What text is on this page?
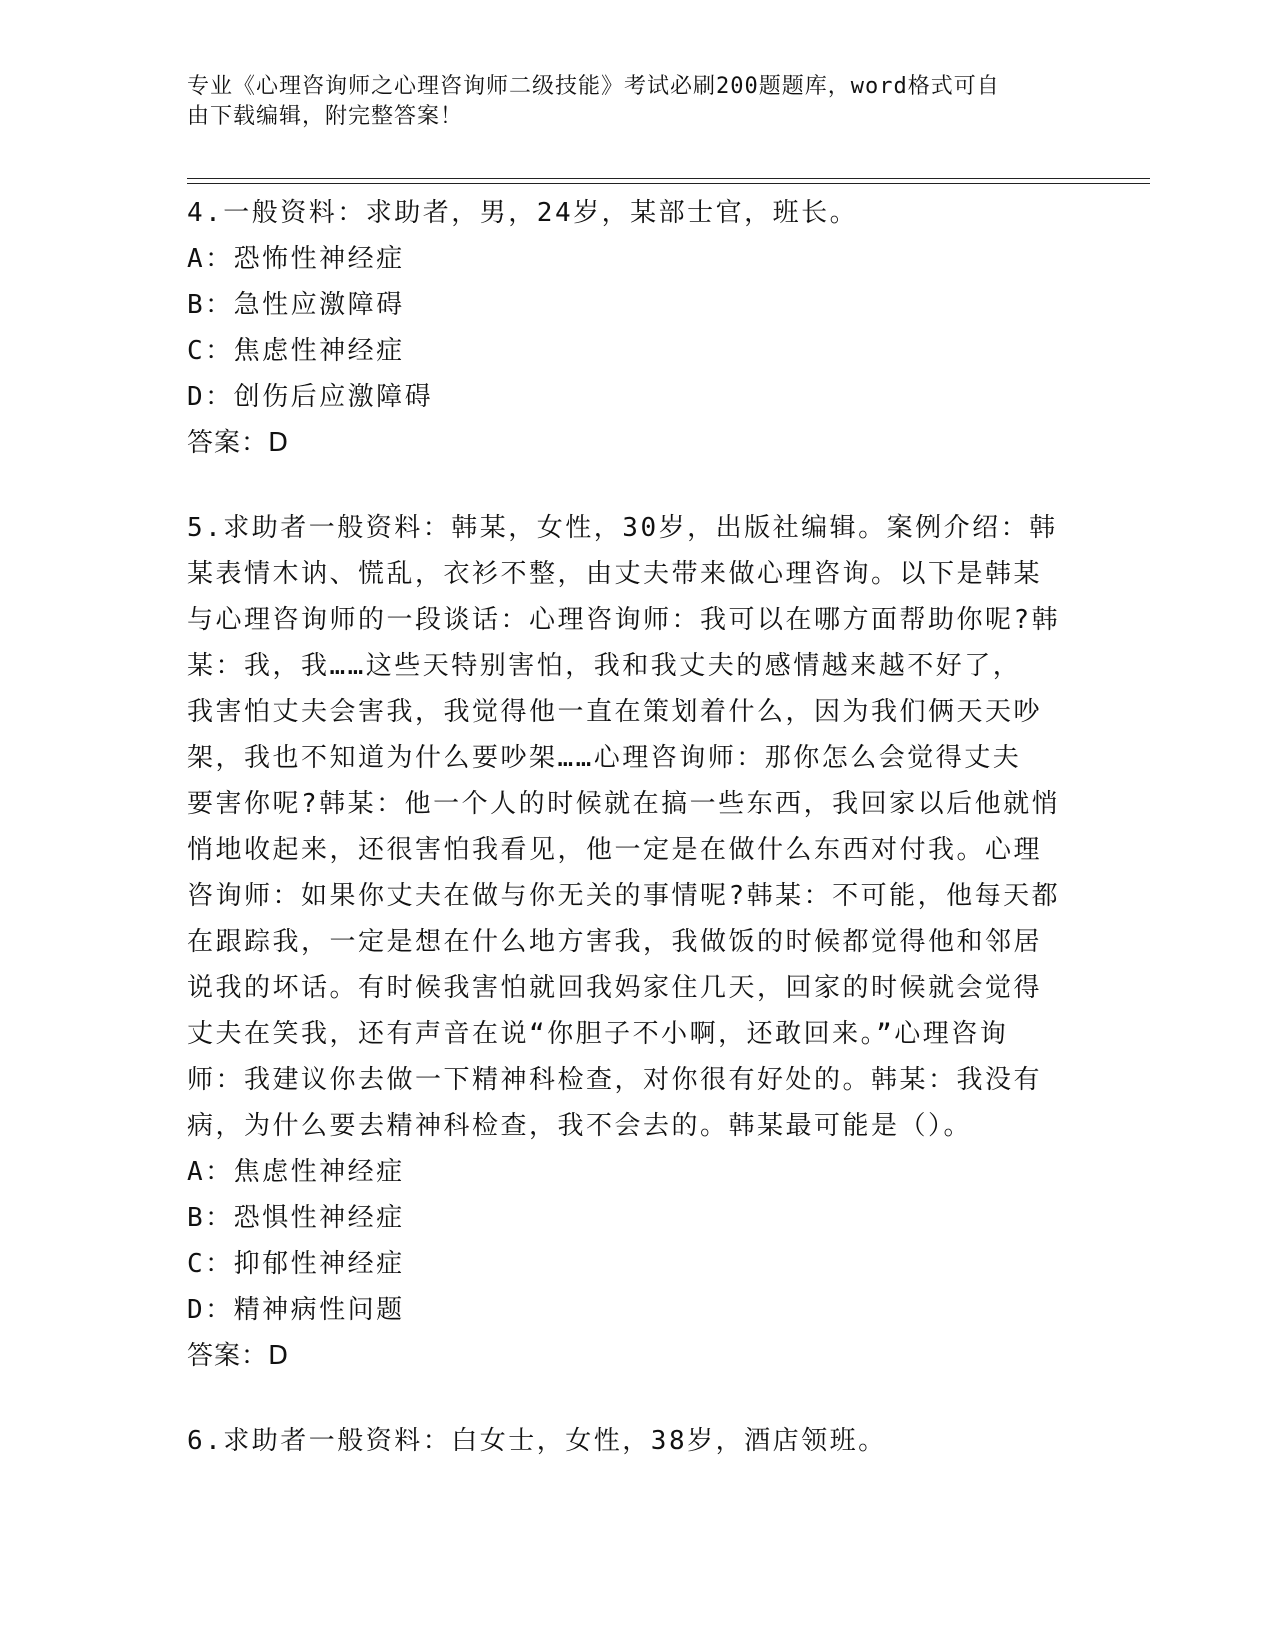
专业《心理咨询师之心理咨询师二级技能》考试必刷200题题库，word格式可自
由下载编辑，附完整答案！
4.一般资料：求助者，男，24岁，某部士官，班长。
A：恐怖性神经症
B：急性应激障碍
C：焦虑性神经症
D：创伤后应激障碍
答案：D
5.求助者一般资料：韩某，女性，30岁，出版社编辑。案例介绍：韩
某表情木讷、慌乱，衣衫不整，由丈夫带来做心理咨询。以下是韩某
与心理咨询师的一段谈话：心理咨询师：我可以在哪方面帮助你呢?韩
某：我，我……这些天特别害怕，我和我丈夫的感情越来越不好了，
我害怕丈夫会害我，我觉得他一直在策划着什么，因为我们俩天天吵
架，我也不知道为什么要吵架……心理咨询师：那你怎么会觉得丈夫
要害你呢?韩某：他一个人的时候就在搞一些东西，我回家以后他就悄
悄地收起来，还很害怕我看见，他一定是在做什么东西对付我。心理
咨询师：如果你丈夫在做与你无关的事情呢?韩某：不可能，他每天都
在跟踪我，一定是想在什么地方害我，我做饭的时候都觉得他和邻居
说我的坏话。有时候我害怕就回我妈家住几天，回家的时候就会觉得
丈夫在笑我，还有声音在说“你胆子不小啊，还敢回来。”心理咨询
师：我建议你去做一下精神科检查，对你很有好处的。韩某：我没有
病，为什么要去精神科检查，我不会去的。韩某最可能是（）。
A：焦虑性神经症
B：恐惧性神经症
C：抑郁性神经症
D：精神病性问题
答案：D
6.求助者一般资料：白女士，女性，38岁，酒店领班。
